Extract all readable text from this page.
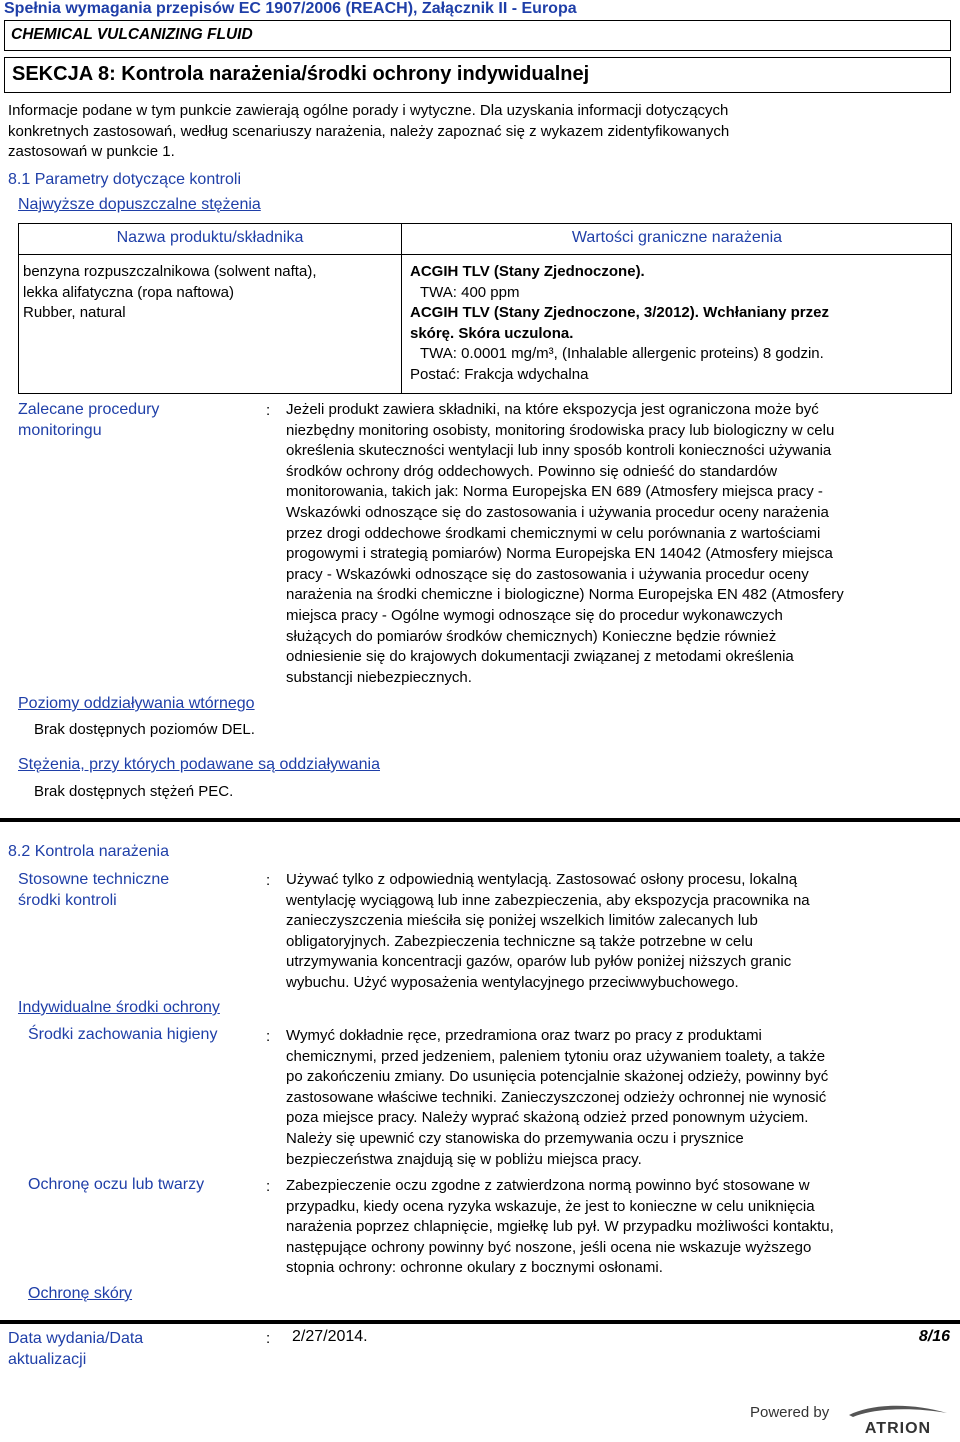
Spełnia wymagania przepisów EC 1907/2006 (REACH), Załącznik II - Europa
CHEMICAL VULCANIZING FLUID
SEKCJA 8: Kontrola narażenia/środki ochrony indywidualnej
Informacje podane w tym punkcie zawierają ogólne porady i wytyczne. Dla uzyskania informacji dotyczących
konkretnych zastosowań, według scenariuszy narażenia, należy zapoznać się z wykazem zidentyfikowanych
zastosowań w punkcie 1.
8.1 Parametry dotyczące kontroli
Najwyższe dopuszczalne stężenia
Nazwa produktu/składnika	Wartości graniczne narażenia
benzyna rozpuszczalnikowa (solwent nafta),
lekka alifatyczna (ropa naftowa)
Rubber, natural
ACGIH TLV (Stany Zjednoczone).
TWA: 400 ppm
ACGIH TLV (Stany Zjednoczone, 3/2012). Wchłaniany przez
skórę. Skóra uczulona.
TWA: 0.0001 mg/m³, (Inhalable allergenic proteins) 8 godzin.
Postać: Frakcja wdychalna
Zalecane procedury
monitoringu
: Jeżeli produkt zawiera składniki, na które ekspozycja jest ograniczona może być
niezbędny monitoring osobisty, monitoring środowiska pracy lub biologiczny w celu
określenia skuteczności wentylacji lub inny sposób kontroli konieczności używania
środków ochrony dróg oddechowych. Powinno się odnieść do standardów
monitorowania, takich jak: Norma Europejska EN 689 (Atmosfery miejsca pracy -
Wskazówki odnoszące się do zastosowania i używania procedur oceny narażenia
przez drogi oddechowe środkami chemicznymi w celu porównania z wartościami
progowymi i strategią pomiarów) Norma Europejska EN 14042 (Atmosfery miejsca
pracy - Wskazówki odnoszące się do zastosowania i używania procedur oceny
narażenia na środki chemiczne i biologiczne) Norma Europejska EN 482 (Atmosfery
miejsca pracy - Ogólne wymogi odnoszące się do procedur wykonawczych
służących do pomiarów środków chemicznych) Konieczne będzie również
odniesienie się do krajowych dokumentacji związanej z metodami określenia
substancji niebezpiecznych.
Poziomy oddziaływania wtórnego
Brak dostępnych poziomów DEL.
Stężenia, przy których podawane są oddziaływania
Brak dostępnych stężeń PEC.
8.2 Kontrola narażenia
Stosowne techniczne
środki kontroli
: Używać tylko z odpowiednią wentylacją. Zastosować osłony procesu, lokalną
wentylację wyciągową lub inne zabezpieczenia, aby ekspozycja pracownika na
zanieczyszczenia mieściła się poniżej wszelkich limitów zalecanych lub
obligatoryjnych. Zabezpieczenia techniczne są także potrzebne w celu
utrzymywania koncentracji gazów, oparów lub pyłów poniżej niższych granic
wybuchu. Użyć wyposażenia wentylacyjnego przeciwwybuchowego.
Indywidualne środki ochrony
Środki zachowania higieny	: Wymyć dokładnie ręce, przedramiona oraz twarz po pracy z produktami
chemicznymi, przed jedzeniem, paleniem tytoniu oraz używaniem toalety, a także
po zakończeniu zmiany. Do usunięcia potencjalnie skażonej odzieży, powinny być
zastosowane właściwe techniki. Zanieczyszczonej odzieży ochronnej nie wynosić
poza miejsce pracy. Należy wyprać skażoną odzież przed ponownym użyciem.
Należy się upewnić czy stanowiska do przemywania oczu i prysznice
bezpieczeństwa znajdują się w pobliżu miejsca pracy.
Ochronę oczu lub twarzy	: Zabezpieczenie oczu zgodne z zatwierdzona normą powinno być stosowane w
przypadku, kiedy ocena ryzyka wskazuje, że jest to konieczne w celu uniknięcia
narażenia poprzez chlapnięcie, mgiełkę lub pył. W przypadku możliwości kontaktu,
następujące ochrony powinny być noszone, jeśli ocena nie wskazuje wyższego
stopnia ochrony: ochronne okulary z bocznymi osłonami.
Ochronę skóry
Data wydania/Data
aktualizacji
: 2/27/2014.	8/16
Powered by
ATRION
